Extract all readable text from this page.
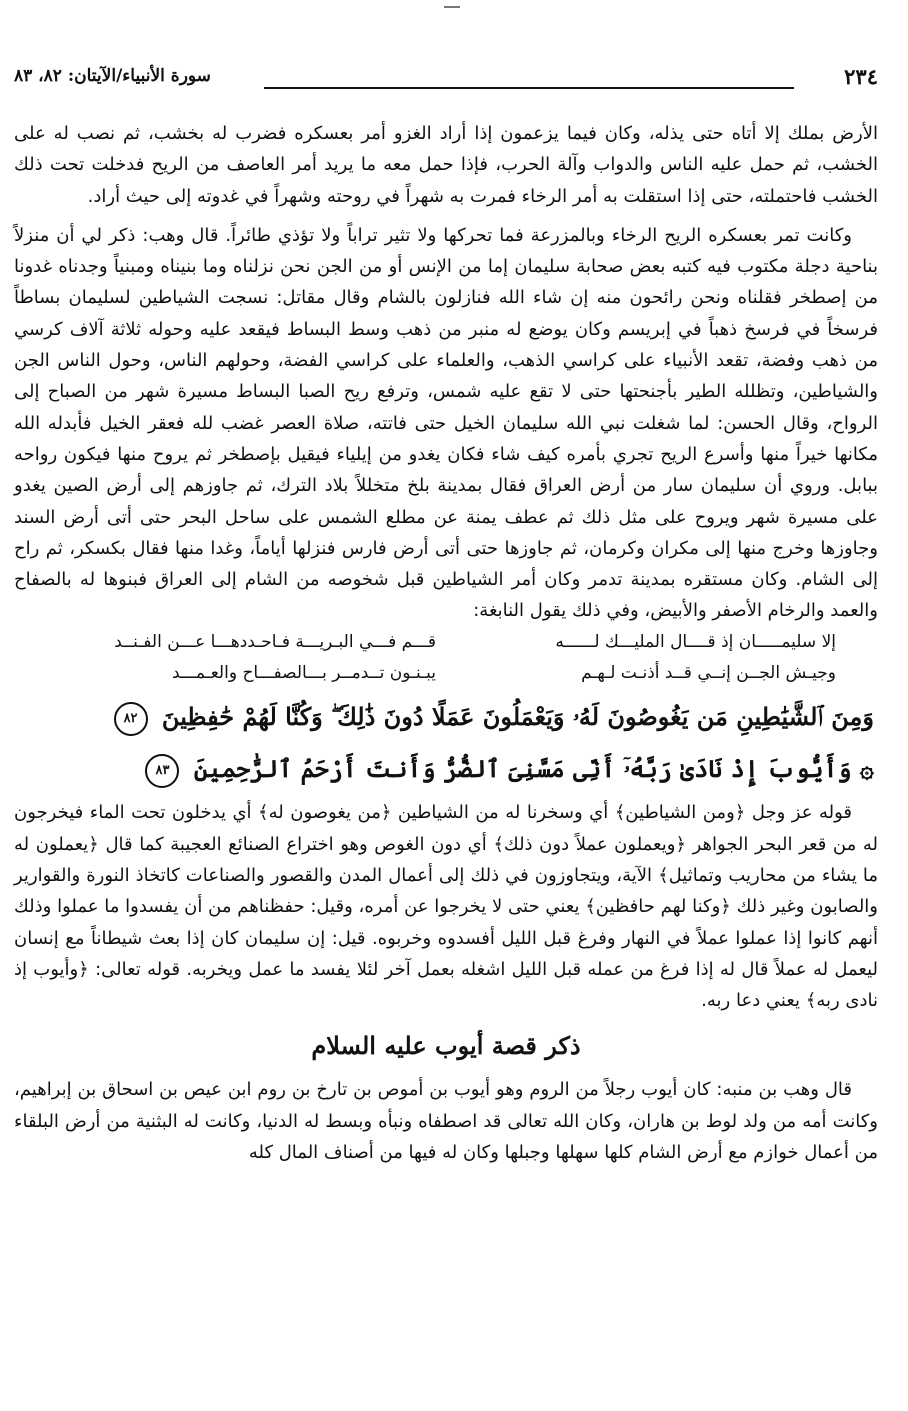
٢٣٤
سورة الأنبياء/الآيتان: ٨٢، ٨٣

الأرض بملك إلا أتاه حتى يذله، وكان فيما يزعمون إذا أراد الغزو أمر بعسكره فضرب له بخشب، ثم نصب له على الخشب، ثم حمل عليه الناس والدواب وآلة الحرب، فإذا حمل معه ما يريد أمر العاصف من الريح فدخلت تحت ذلك الخشب فاحتملته، حتى إذا استقلت به أمر الرخاء فمرت به شهراً في روحته وشهراً في غدوته إلى حيث أراد.

وكانت تمر بعسكره الريح الرخاء وبالمزرعة فما تحركها ولا تثير تراباً ولا تؤذي طائراً. قال وهب: ذكر لي أن منزلاً بناحية دجلة مكتوب فيه كتبه بعض صحابة سليمان إما من الإنس أو من الجن نحن نزلناه وما بنيناه ومبنياً وجدناه غدونا من إصطخر فقلناه ونحن رائحون منه إن شاء الله فنازلون بالشام وقال مقاتل: نسجت الشياطين لسليمان بساطاً فرسخاً في فرسخ ذهباً في إبريسم وكان يوضع له منبر من ذهب وسط البساط فيقعد عليه وحوله ثلاثة آلاف كرسي من ذهب وفضة، تقعد الأنبياء على كراسي الذهب، والعلماء على كراسي الفضة، وحولهم الناس، وحول الناس الجن والشياطين، وتظلله الطير بأجنحتها حتى لا تقع عليه شمس، وترفع ريح الصبا البساط مسيرة شهر من الصباح إلى الرواح، وقال الحسن: لما شغلت نبي الله سليمان الخيل حتى فاتته، صلاة العصر غضب لله فعقر الخيل فأبدله الله مكانها خيراً منها وأسرع الريح تجري بأمره كيف شاء فكان يغدو من إيلياء فيقيل بإصطخر ثم يروح منها فيكون رواحه ببابل. وروي أن سليمان سار من أرض العراق فقال بمدينة بلخ متخللاً بلاد الترك، ثم جاوزهم إلى أرض الصين يغدو على مسيرة شهر ويروح على مثل ذلك ثم عطف يمنة عن مطلع الشمس على ساحل البحر حتى أتى أرض السند وجاوزها وخرج منها إلى مكران وكرمان، ثم جاوزها حتى أتى أرض فارس فنزلها أياماً، وغدا منها فقال بكسكر، ثم راح إلى الشام. وكان مستقره بمدينة تدمر وكان أمر الشياطين قبل شخوصه من الشام إلى العراق فبنوها له بالصفاح والعمد والرخام الأصفر والأبيض، وفي ذلك يقول النابغة:

إلا سليمـــــان إذ قــــال المليـــك لــــــه
قـــم فـــي البـريـــة فـاحـددهـــا عـــن الفـنــد
وجيـش الجــن إنــي قــد أذنـت لـهـم
يبـنـون تــدمــر بـــالصفـــاح والعـمـــد
وَمِنَ ٱلشَّيَٰطِينِ مَن يَغُوصُونَ لَهُۥ وَيَعْمَلُونَ عَمَلًا دُونَ ذَٰلِكَ ۖ وَكُنَّا لَهُمْ حَٰفِظِينَ ٨٢
۞ وَأَيُّوبَ إِذْ نَادَىٰ رَبَّهُۥٓ أَنِّى مَسَّنِىَ ٱلضُّرُّ وَأَنتَ أَرْحَمُ ٱلرَّٰحِمِينَ ٨٣

قوله عز وجل ﴿ومن الشياطين﴾ أي وسخرنا له من الشياطين ﴿من يغوصون له﴾ أي يدخلون تحت الماء فيخرجون له من قعر البحر الجواهر ﴿ويعملون عملاً دون ذلك﴾ أي دون الغوص وهو اختراع الصنائع العجيبة كما قال ﴿يعملون له ما يشاء من محاريب وتماثيل﴾ الآية، ويتجاوزون في ذلك إلى أعمال المدن والقصور والصناعات كاتخاذ النورة والقوارير والصابون وغير ذلك ﴿وكنا لهم حافظين﴾ يعني حتى لا يخرجوا عن أمره، وقيل: حفظناهم من أن يفسدوا ما عملوا وذلك أنهم كانوا إذا عملوا عملاً في النهار وفرغ قبل الليل أفسدوه وخربوه. قيل: إن سليمان كان إذا بعث شيطاناً مع إنسان ليعمل له عملاً قال له إذا فرغ من عمله قبل الليل اشغله بعمل آخر لئلا يفسد ما عمل ويخربه. قوله تعالى: ﴿وأيوب إذ نادى ربه﴾ يعني دعا ربه.

ذكر قصة أيوب عليه السلام

قال وهب بن منبه: كان أيوب رجلاً من الروم وهو أيوب بن أموص بن تارخ بن روم ابن عيص بن اسحاق بن إبراهيم، وكانت أمه من ولد لوط بن هاران، وكان الله تعالى قد اصطفاه ونبأه وبسط له الدنيا، وكانت له البثنية من أرض البلقاء من أعمال خوازم مع أرض الشام كلها سهلها وجبلها وكان له فيها من أصناف المال كله
